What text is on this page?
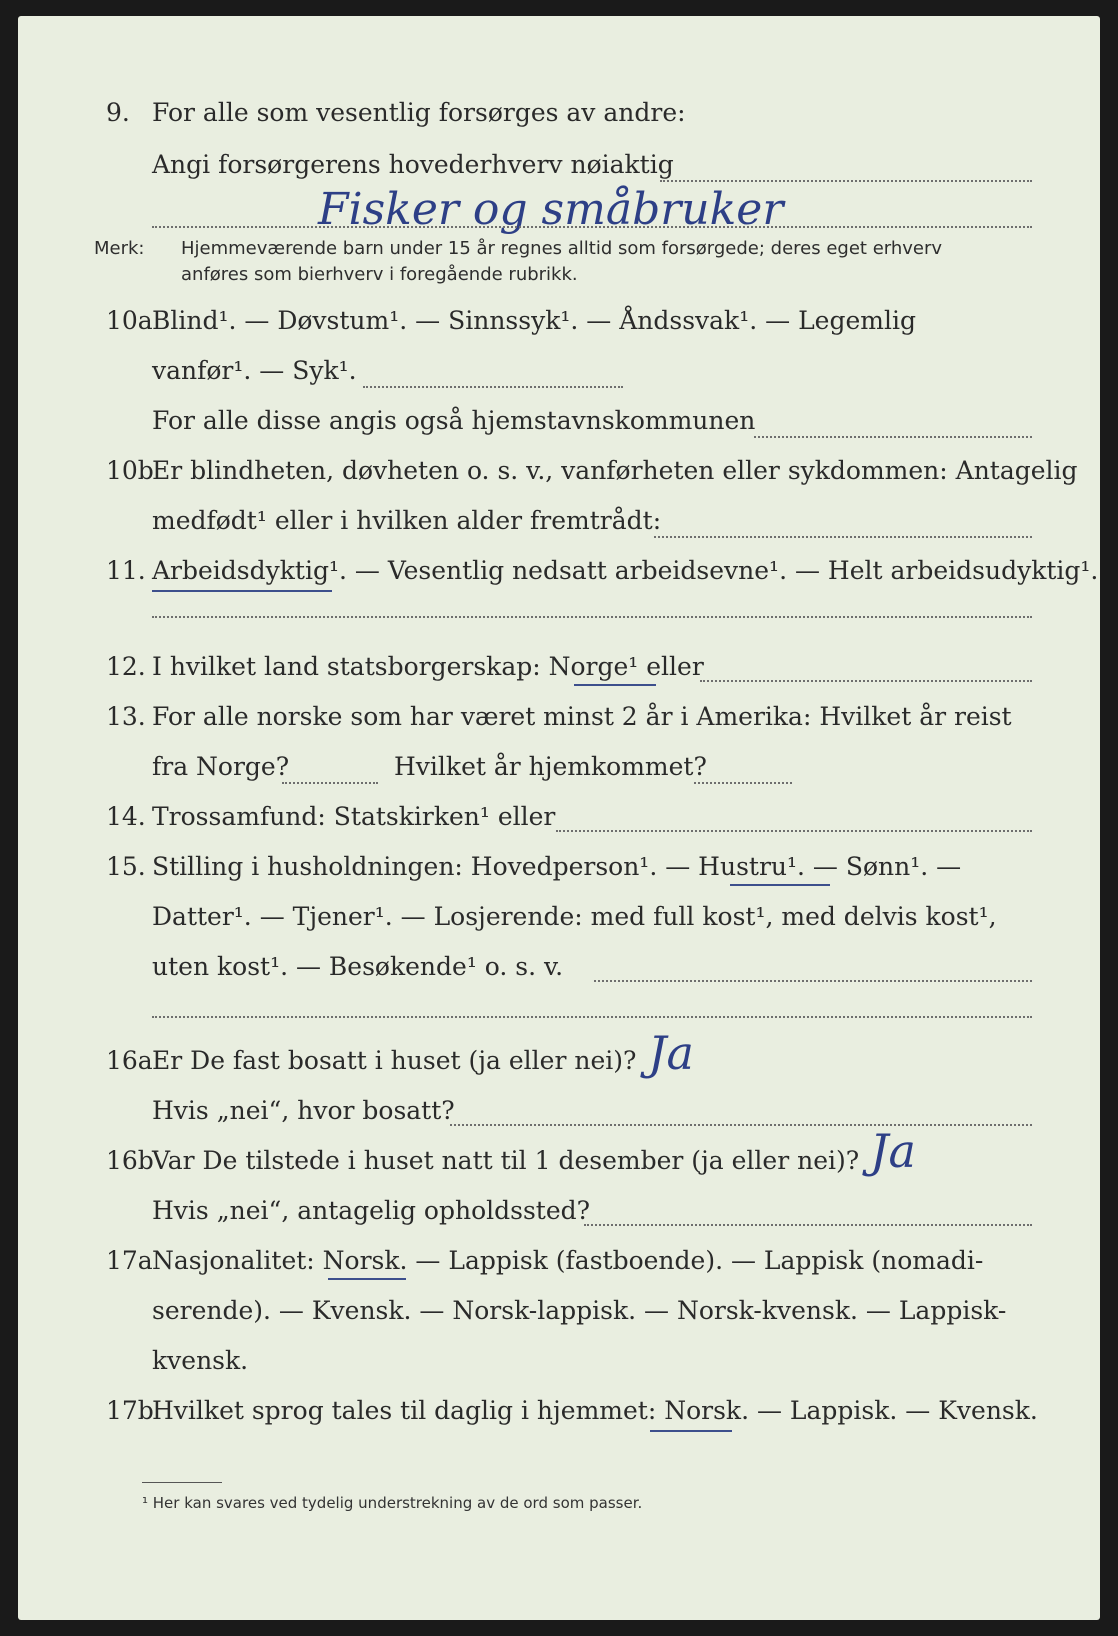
9. For alle som vesentlig forsørges av andre:
Angi forsørgerens hovederhverv nøiaktig
Fisker og småbruker
Merk: Hjemmeværende barn under 15 år regnes alltid som forsørgede; deres eget erhverv
anføres som bierhverv i foregående rubrikk.
10a Blind¹. — Døvstum¹. — Sinnssyk¹. — Åndssvak¹. — Legemlig
vanfør¹. — Syk¹.
For alle disse angis også hjemstavnskommunen
10b
Er blindheten, døvheten o. s. v., vanførheten eller sykdommen: Antagelig
medfødt¹ eller i hvilken alder fremtrådt:
11. Arbeidsdyktig¹. — Vesentlig nedsatt arbeidsevne¹. — Helt arbeidsudyktig¹.
12. I hvilket land statsborgerskap: Norge¹ eller
13. For alle norske som har været minst 2 år i Amerika: Hvilket år reist
fra Norge?	Hvilket år hjemkommet?
14. Trossamfund: Statskirken¹ eller
15. Stilling i husholdningen: Hovedperson¹. — Hustru¹. — Sønn¹. —
Datter¹. — Tjener¹. — Losjerende: med full kost¹, med delvis kost¹,
uten kost¹. — Besøkende¹ o. s. v.
16a Er De fast bosatt i huset (ja eller nei)? Ja
Hvis „nei“, hvor bosatt?
16b
Var De tilstede i huset natt til 1 desember (ja eller nei)? Ja
Hvis „nei“, antagelig opholdssted?
17a Nasjonalitet: Norsk. — Lappisk (fastboende). — Lappisk (nomadi-
serende). — Kvensk. — Norsk-lappisk. — Norsk-kvensk. — Lappisk-
kvensk.
17b
Hvilket sprog tales til daglig i hjemmet: Norsk. — Lappisk. — Kvensk.
¹ Her kan svares ved tydelig understrekning av de ord som passer.
